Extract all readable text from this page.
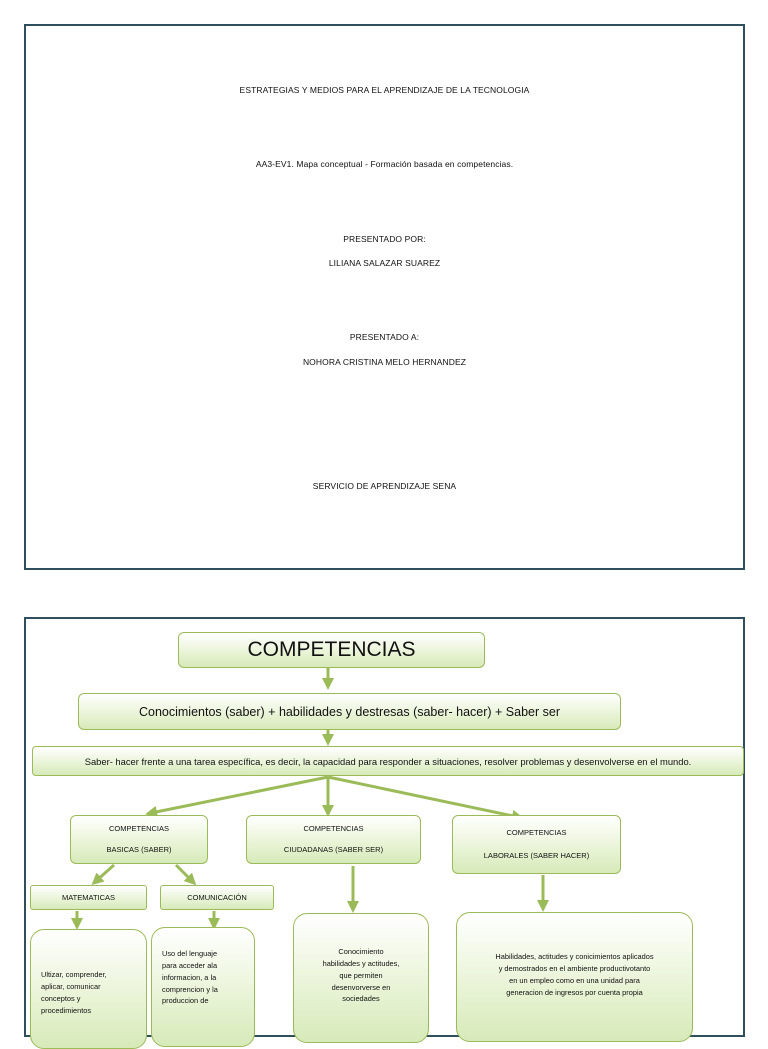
ESTRATEGIAS Y MEDIOS PARA EL APRENDIZAJE DE LA TECNOLOGIA
AA3-EV1. Mapa conceptual - Formación basada en competencias.
PRESENTADO POR:
LILIANA SALAZAR SUAREZ
PRESENTADO A:
NOHORA CRISTINA MELO HERNANDEZ
SERVICIO DE APRENDIZAJE SENA
COMPETENCIAS
Conocimientos (saber) + habilidades y destresas (saber- hacer) + Saber ser
Saber- hacer frente a una tarea específica, es decir, la capacidad para responder a situaciones, resolver problemas y desenvolverse en el mundo.
COMPETENCIAS
BASICAS (SABER)
COMPETENCIAS
CIUDADANAS (SABER SER)
COMPETENCIAS
LABORALES (SABER HACER)
MATEMATICAS	COMUNICACIÓN
Ultizar, comprender,
aplicar, comunicar
conceptos y
procedimientos
Uso del lenguaje
para acceder ala
informacion, a la
comprencion y la
produccion de
Conocimiento
habilidades y actitudes,
que permiten
desenvorverse en
sociedades
Habilidades, actitudes y conicimientos aplicados
y demostrados en el ambiente productivotanto
en un empleo como en una unidad para
generacion de ingresos por cuenta propia
